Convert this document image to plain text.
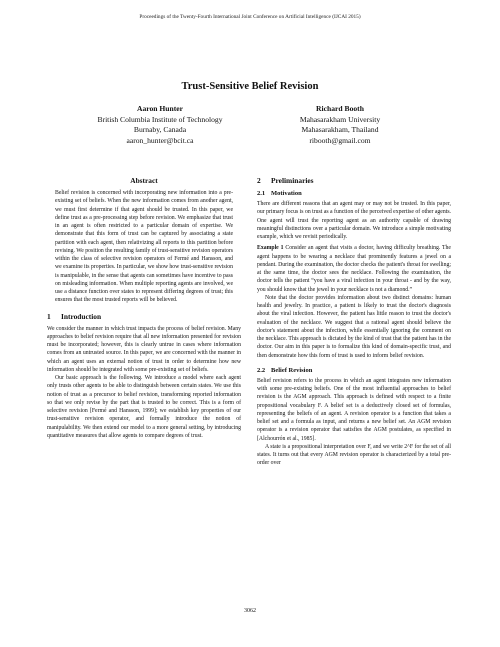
Proceedings of the Twenty-Fourth International Joint Conference on Artificial Intelligence (IJCAI 2015)
Trust-Sensitive Belief Revision
Aaron Hunter
British Columbia Institute of Technology
Burnaby, Canada
aaron_hunter@bcit.ca
Richard Booth
Mahasarakham University
Mahasarakham, Thailand
ribooth@gmail.com
Abstract

Belief revision is concerned with incorporating new information into a pre-existing set of beliefs. When the new information comes from another agent, we must first determine if that agent should be trusted. In this paper, we define trust as a pre-processing step before revision. We emphasize that trust in an agent is often restricted to a particular domain of expertise. We demonstrate that this form of trust can be captured by associating a state partition with each agent, then relativizing all reports to this partition before revising. We position the resulting family of trust-sensitive revision operators within the class of selective revision operators of Fermé and Hansson, and we examine its properties. In particular, we show how trust-sensitive revision is manipulable, in the sense that agents can sometimes have incentive to pass on misleading information. When multiple reporting agents are involved, we use a distance function over states to represent differing degrees of trust; this ensures that the most trusted reports will be believed.

1 Introduction

We consider the manner in which trust impacts the process of belief revision. Many approaches to belief revision require that all new information presented for revision must be incorporated; however, this is clearly untrue in cases where information comes from an untrusted source. In this paper, we are concerned with the manner in which an agent uses an external notion of trust in order to determine how new information should be integrated with some pre-existing set of beliefs.

Our basic approach is the following. We introduce a model where each agent only trusts other agents to be able to distinguish between certain states. We use this notion of trust as a precursor to belief revision, transforming reported information so that we only revise by the part that is trusted to be correct. This is a form of selective revision [Fermé and Hansson, 1999]; we establish key properties of our trust-sensitive revision operator, and formally introduce the notion of manipulability. We then extend our model to a more general setting, by introducing quantitative measures that allow agents to compare degrees of trust.

2 Preliminaries
2.1 Motivation

There are different reasons that an agent may or may not be trusted. In this paper, our primary focus is on trust as a function of the perceived expertise of other agents. One agent will trust the reporting agent as an authority capable of drawing meaningful distinctions over a particular domain. We introduce a simple motivating example, which we revisit periodically.

Example 1 Consider an agent that visits a doctor, having difficulty breathing. The agent happens to be wearing a necklace that prominently features a jewel on a pendant. During the examination, the doctor checks the patient's throat for swelling; at the same time, the doctor sees the necklace. Following the examination, the doctor tells the patient “you have a viral infection in your throat - and by the way, you should know that the jewel in your necklace is not a diamond.”

Note that the doctor provides information about two distinct domains: human health and jewelry. In practice, a patient is likely to trust the doctor's diagnosis about the viral infection. However, the patient has little reason to trust the doctor's evaluation of the necklace. We suggest that a rational agent should believe the doctor's statement about the infection, while essentially ignoring the comment on the necklace. This approach is dictated by the kind of trust that the patient has in the doctor. Our aim in this paper is to formalize this kind of domain-specific trust, and then demonstrate how this form of trust is used to inform belief revision.

2.2 Belief Revision

Belief revision refers to the process in which an agent integrates new information with some pre-existing beliefs. One of the most influential approaches to belief revision is the AGM approach. This approach is defined with respect to a finite propositional vocabulary F. A belief set is a deductively closed set of formulas, representing the beliefs of an agent. A revision operator is a function that takes a belief set and a formula as input, and returns a new belief set. An AGM revision operator is a revision operator that satisfies the AGM postulates, as specified in [Alchourrón et al., 1985].

A state is a propositional interpretation over F, and we write 2^F for the set of all states. It turns out that every AGM revision operator is characterized by a total pre-order over

3062
